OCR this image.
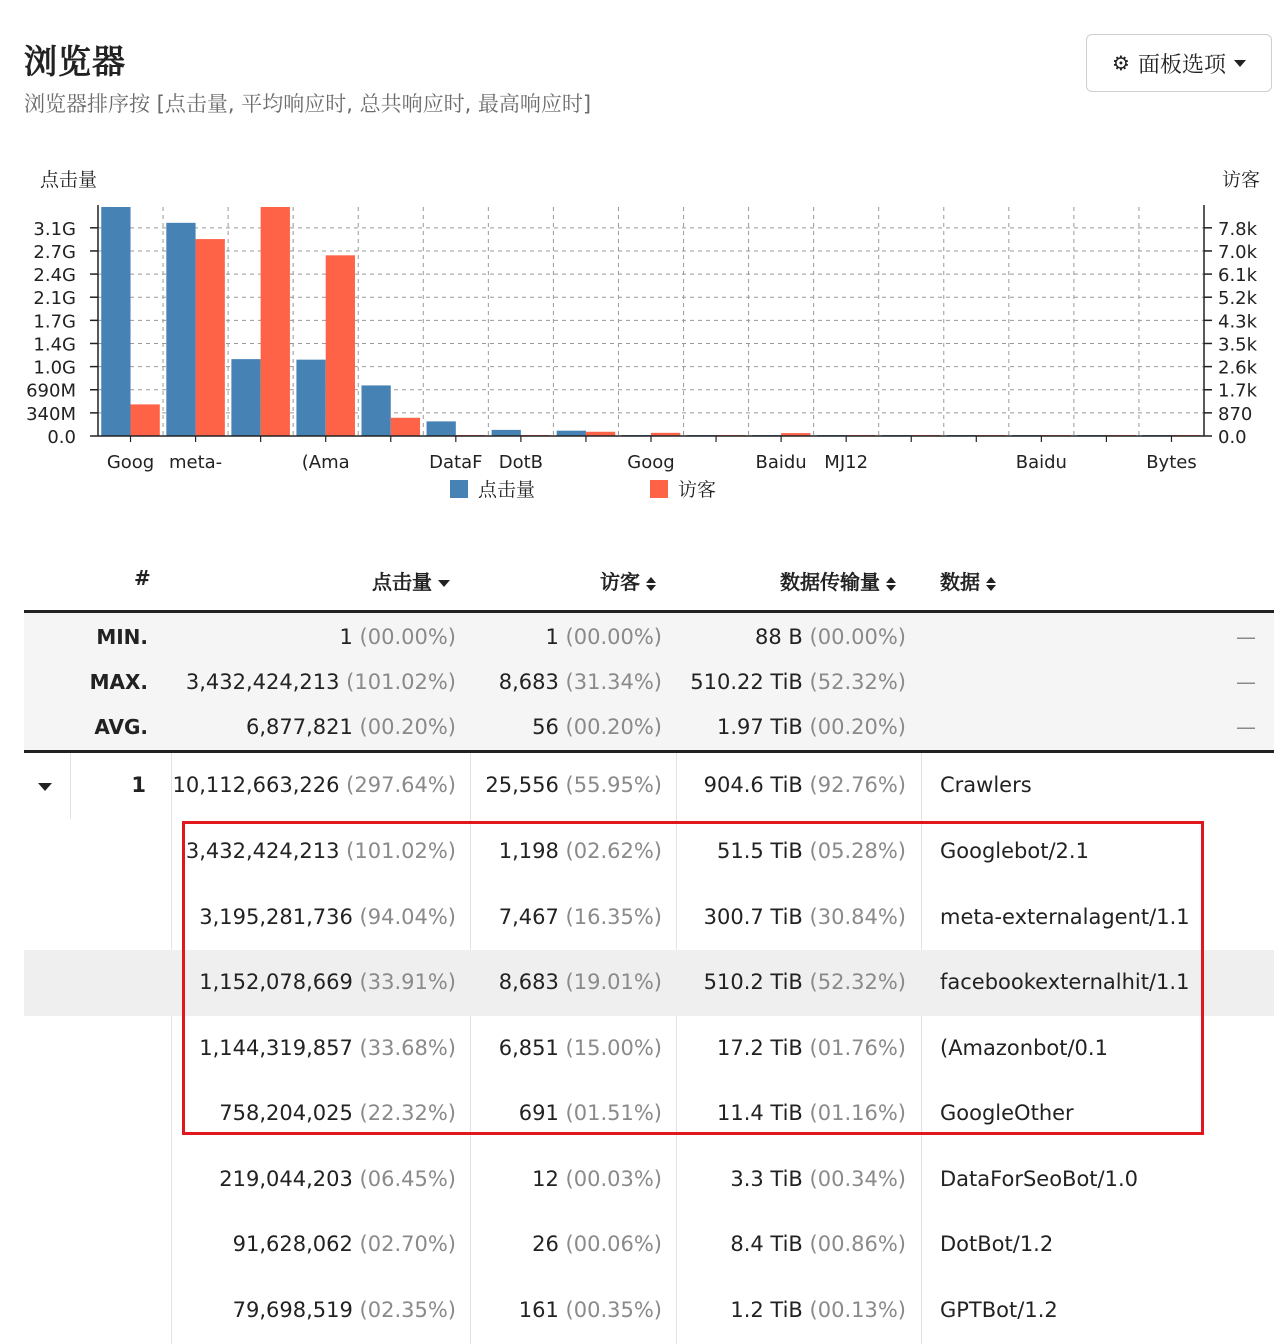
浏览器
浏览器排序按 [点击量, 平均响应时, 总共响应时, 最高响应时]
⚙ 面板选项
点击量	访客
0.0	0.0
340M	870
690M	1.7k
1.0G	2.6k
1.4G	3.5k
1.7G	4.3k
2.1G	5.2k
2.4G	6.1k
2.7G	7.0k
3.1G	7.8k
Goog meta-	(Ama	DataF DotB	Goog	Baidu MJ12	Baidu	Bytes
点击量	访客
#	点击量	访客	数据传输量	数据
MIN.	1 (00.00%)	1 (00.00%)	88 B (00.00%)	—
MAX. 3,432,424,213 (101.02%) 8,683 (31.34%) 510.22 TiB (52.32%)	—
AVG.	6,877,821 (00.20%)	56 (00.20%)	1.97 TiB (00.20%)	—
1 10,112,663,226 (297.64%) 25,556 (55.95%) 904.6 TiB (92.76%) Crawlers
3,432,424,213 (101.02%) 1,198 (02.62%)	51.5 TiB (05.28%) Googlebot/2.1
3,195,281,736 (94.04%) 7,467 (16.35%) 300.7 TiB (30.84%) meta-externalagent/1.1
1,152,078,669 (33.91%) 8,683 (19.01%) 510.2 TiB (52.32%) facebookexternalhit/1.1
1,144,319,857 (33.68%) 6,851 (15.00%)	17.2 TiB (01.76%) (Amazonbot/0.1
758,204,025 (22.32%)	691 (01.51%)	11.4 TiB (01.16%) GoogleOther
219,044,203 (06.45%)	12 (00.03%)	3.3 TiB (00.34%) DataForSeoBot/1.0
91,628,062 (02.70%)	26 (00.06%)	8.4 TiB (00.86%) DotBot/1.2
79,698,519 (02.35%)	161 (00.35%)	1.2 TiB (00.13%) GPTBot/1.2
